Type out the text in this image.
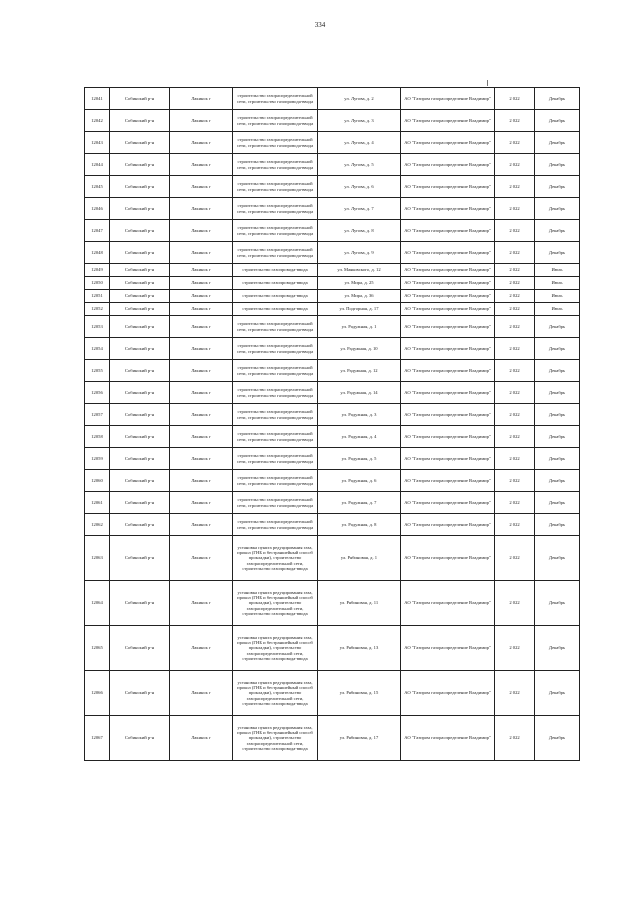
334
12041	Собинский р-н	Лакинск г	строительство газораспределительной сети, строительство газопровода-ввода	ул. Лугова, д. 2	АО "Газпром газораспределение Владимир"	2 022	Декабрь
12042	Собинский р-н	Лакинск г	строительство газораспределительной сети, строительство газопровода-ввода	ул. Лугова, д. 3	АО "Газпром газораспределение Владимир"	2 022	Декабрь
12043	Собинский р-н	Лакинск г	строительство газораспределительной сети, строительство газопровода-ввода	ул. Лугова, д. 4	АО "Газпром газораспределение Владимир"	2 022	Декабрь
12044	Собинский р-н	Лакинск г	строительство газораспределительной сети, строительство газопровода-ввода	ул. Лугова, д. 5	АО "Газпром газораспределение Владимир"	2 022	Декабрь
12045	Собинский р-н	Лакинск г	строительство газораспределительной сети, строительство газопровода-ввода	ул. Лугова, д. 6	АО "Газпром газораспределение Владимир"	2 022	Декабрь
12046	Собинский р-н	Лакинск г	строительство газораспределительной сети, строительство газопровода-ввода	ул. Лугова, д. 7	АО "Газпром газораспределение Владимир"	2 022	Декабрь
12047	Собинский р-н	Лакинск г	строительство газораспределительной сети, строительство газопровода-ввода	ул. Лугова, д. 8	АО "Газпром газораспределение Владимир"	2 022	Декабрь
12048	Собинский р-н	Лакинск г	строительство газораспределительной сети, строительство газопровода-ввода	ул. Лугова, д. 9	АО "Газпром газораспределение Владимир"	2 022	Декабрь
12049	Собинский р-н	Лакинск г	строительство газопровода-ввода	ул. Маяковского, д. 12	АО "Газпром газораспределение Владимир"	2 022	Июль
12050	Собинский р-н	Лакинск г	строительство газопровода-ввода	ул. Мира, д. 25	АО "Газпром газораспределение Владимир"	2 022	Июль
12051	Собинский р-н	Лакинск г	строительство газопровода-ввода	ул. Мира, д. 36	АО "Газпром газораспределение Владимир"	2 022	Июль
12052	Собинский р-н	Лакинск г	строительство газопровода-ввода	ул. Подгорная, д. 17	АО "Газпром газораспределение Владимир"	2 022	Июль
12053	Собинский р-н	Лакинск г	строительство газораспределительной сети, строительство газопровода-ввода	ул. Радужная, д. 1	АО "Газпром газораспределение Владимир"	2 022	Декабрь
12054	Собинский р-н	Лакинск г	строительство газораспределительной сети, строительство газопровода-ввода	ул. Радужная, д. 10	АО "Газпром газораспределение Владимир"	2 022	Декабрь
12055	Собинский р-н	Лакинск г	строительство газораспределительной сети, строительство газопровода-ввода	ул. Радужная, д. 12	АО "Газпром газораспределение Владимир"	2 022	Декабрь
12056	Собинский р-н	Лакинск г	строительство газораспределительной сети, строительство газопровода-ввода	ул. Радужная, д. 14	АО "Газпром газораспределение Владимир"	2 022	Декабрь
12057	Собинский р-н	Лакинск г	строительство газораспределительной сети, строительство газопровода-ввода	ул. Радужная, д. 3	АО "Газпром газораспределение Владимир"	2 022	Декабрь
12058	Собинский р-н	Лакинск г	строительство газораспределительной сети, строительство газопровода-ввода	ул. Радужная, д. 4	АО "Газпром газораспределение Владимир"	2 022	Декабрь
12059	Собинский р-н	Лакинск г	строительство газораспределительной сети, строительство газопровода-ввода	ул. Радужная, д. 5	АО "Газпром газораспределение Владимир"	2 022	Декабрь
12060	Собинский р-н	Лакинск г	строительство газораспределительной сети, строительство газопровода-ввода	ул. Радужная, д. 6	АО "Газпром газораспределение Владимир"	2 022	Декабрь
12061	Собинский р-н	Лакинск г	строительство газораспределительной сети, строительство газопровода-ввода	ул. Радужная, д. 7	АО "Газпром газораспределение Владимир"	2 022	Декабрь
12062	Собинский р-н	Лакинск г	строительство газораспределительной сети, строительство газопровода-ввода	ул. Радужная, д. 8	АО "Газпром газораспределение Владимир"	2 022	Декабрь
12063	Собинский р-н	Лакинск г	установка пункта редуцирования газа, прокол (ГНБ и бестраншейный способ прокладки), строительство газораспределительной сети, строительство газопровода-ввода	ул. Рябиновая, д. 1	АО "Газпром газораспределение Владимир"	2 022	Декабрь
12064	Собинский р-н	Лакинск г	установка пункта редуцирования газа, прокол (ГНБ и бестраншейный способ прокладки), строительство газораспределительной сети, строительство газопровода-ввода	ул. Рябиновая, д. 11	АО "Газпром газораспределение Владимир"	2 022	Декабрь
12065	Собинский р-н	Лакинск г	установка пункта редуцирования газа, прокол (ГНБ и бестраншейный способ прокладки), строительство газораспределительной сети, строительство газопровода-ввода	ул. Рябиновая, д. 13	АО "Газпром газораспределение Владимир"	2 022	Декабрь
12066	Собинский р-н	Лакинск г	установка пункта редуцирования газа, прокол (ГНБ и бестраншейный способ прокладки), строительство газораспределительной сети, строительство газопровода-ввода	ул. Рябиновая, д. 15	АО "Газпром газораспределение Владимир"	2 022	Декабрь
12067	Собинский р-н	Лакинск г	установка пункта редуцирования газа, прокол (ГНБ и бестраншейный способ прокладки), строительство газораспределительной сети, строительство газопровода-ввода	ул. Рябиновая, д. 17	АО "Газпром газораспределение Владимир"	2 022	Декабрь
